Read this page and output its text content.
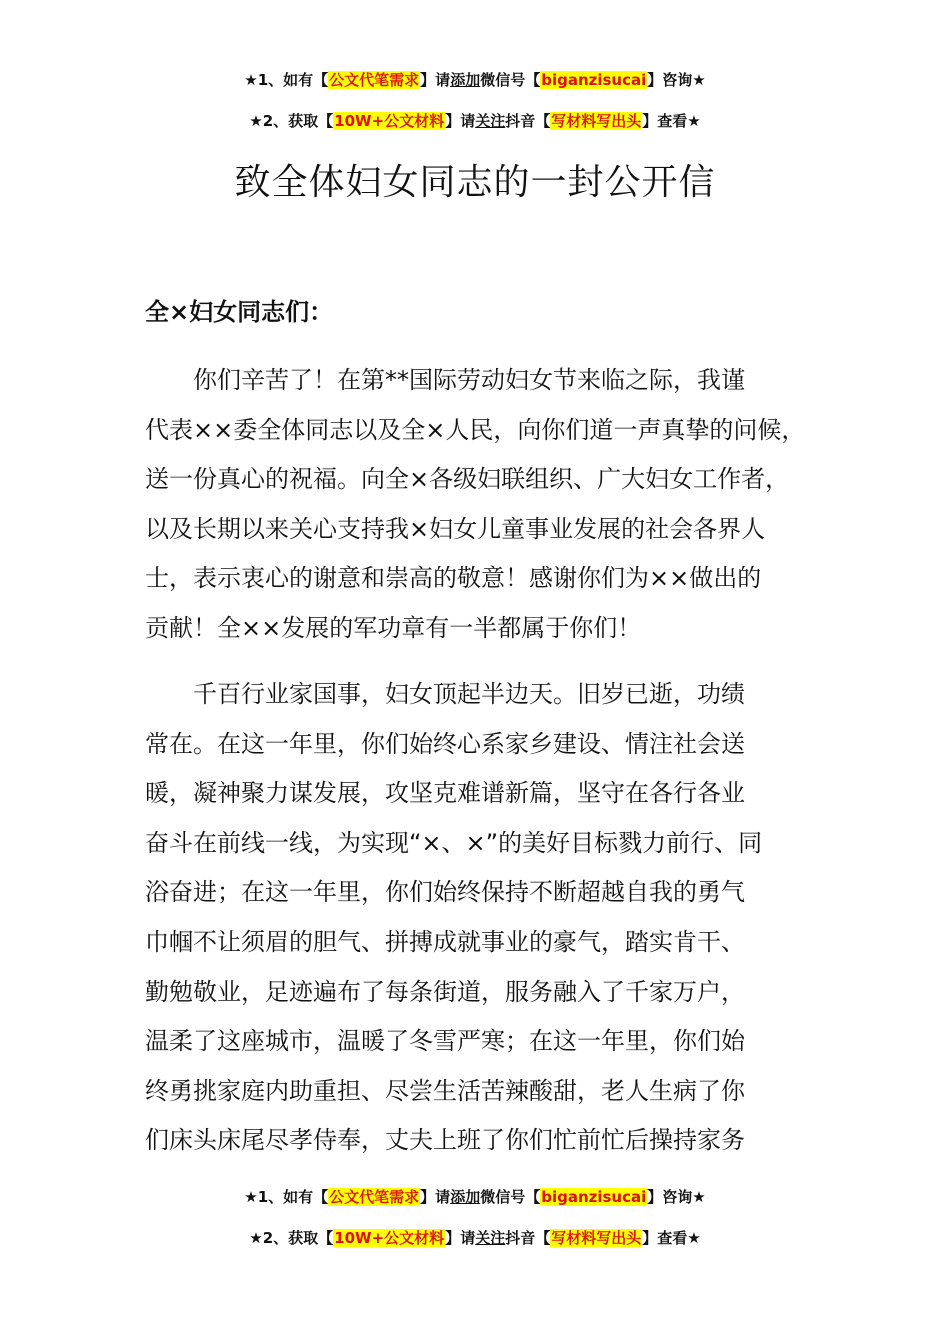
★1、如有【公文代笔需求】请添加微信号【biganzisucai】咨询★
★2、获取【10W+公文材料】请关注抖音【写材料写出头】查看★
致全体妇女同志的一封公开信
全×妇女同志们：
你们辛苦了！在第**国际劳动妇女节来临之际，我谨
代表××委全体同志以及全×人民，向你们道一声真挚的问候，
送一份真心的祝福。向全×各级妇联组织、广大妇女工作者，
以及长期以来关心支持我×妇女儿童事业发展的社会各界人
士，表示衷心的谢意和崇高的敬意！感谢你们为××做出的
贡献！全××发展的军功章有一半都属于你们！
千百行业家国事，妇女顶起半边天。旧岁已逝，功绩
常在。在这一年里，你们始终心系家乡建设、情注社会送
暖，凝神聚力谋发展，攻坚克难谱新篇，坚守在各行各业
奋斗在前线一线，为实现“×、×”的美好目标戮力前行、同
浴奋进；在这一年里，你们始终保持不断超越自我的勇气
巾帼不让须眉的胆气、拼搏成就事业的豪气，踏实肯干、
勤勉敬业，足迹遍布了每条街道，服务融入了千家万户，
温柔了这座城市，温暖了冬雪严寒；在这一年里，你们始
终勇挑家庭内助重担、尽尝生活苦辣酸甜，老人生病了你
们床头床尾尽孝侍奉，丈夫上班了你们忙前忙后操持家务
★1、如有【公文代笔需求】请添加微信号【biganzisucai】咨询★
★2、获取【10W+公文材料】请关注抖音【写材料写出头】查看★
